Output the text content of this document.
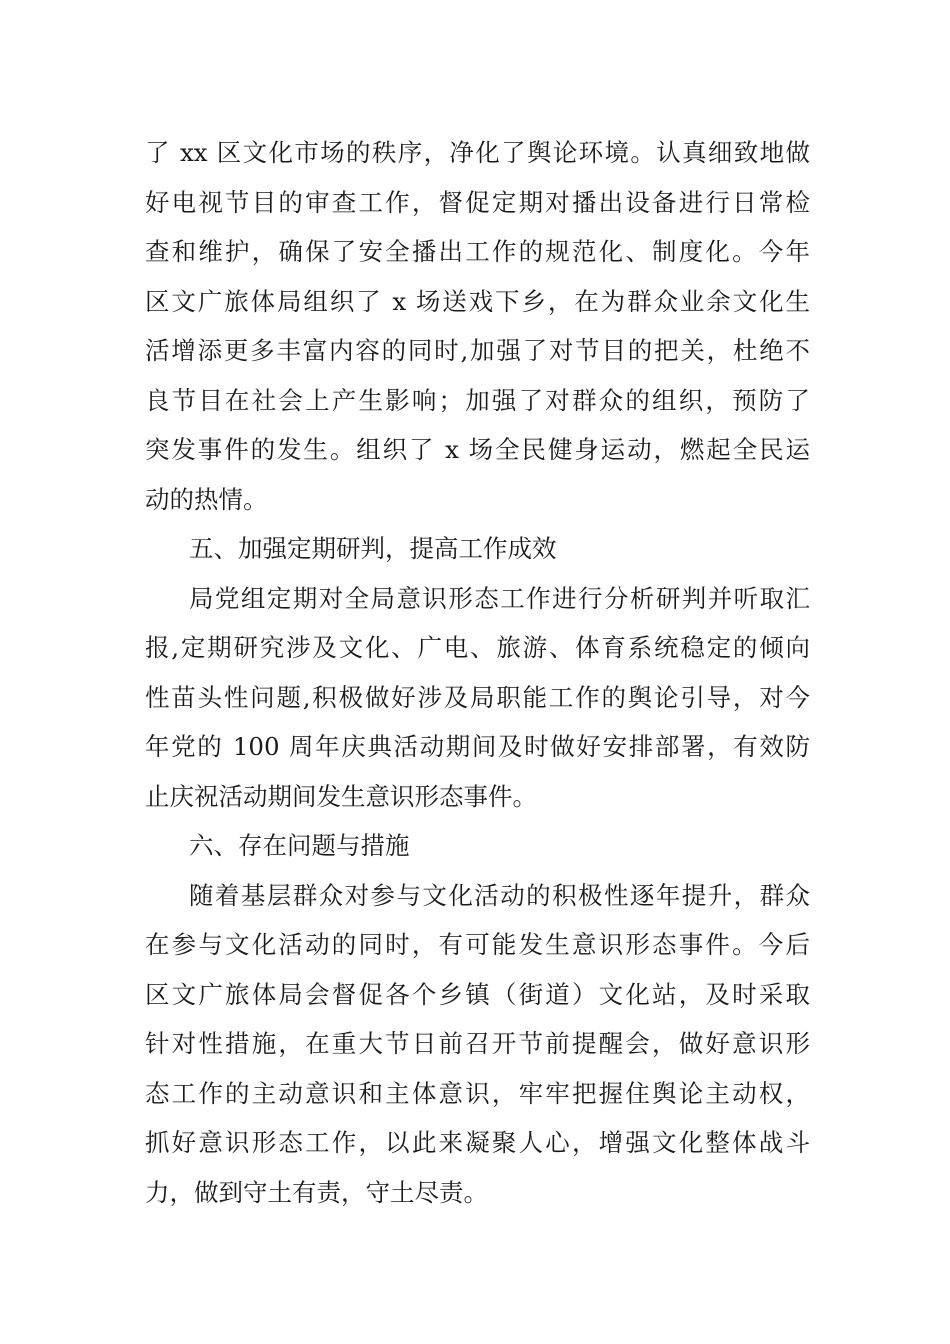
了 xx 区文化市场的秩序，净化了舆论环境。认真细致地做
好电视节目的审查工作，督促定期对播出设备进行日常检
查和维护，确保了安全播出工作的规范化、制度化。今年
区文广旅体局组织了 x 场送戏下乡，在为群众业余文化生
活增添更多丰富内容的同时,加强了对节目的把关，杜绝不
良节目在社会上产生影响；加强了对群众的组织，预防了
突发事件的发生。组织了 x 场全民健身运动，燃起全民运
动的热情。

五、加强定期研判，提高工作成效

局党组定期对全局意识形态工作进行分析研判并听取汇
报,定期研究涉及文化、广电、旅游、体育系统稳定的倾向
性苗头性问题,积极做好涉及局职能工作的舆论引导，对今
年党的 100 周年庆典活动期间及时做好安排部署，有效防
止庆祝活动期间发生意识形态事件。

六、存在问题与措施

随着基层群众对参与文化活动的积极性逐年提升，群众
在参与文化活动的同时，有可能发生意识形态事件。今后
区文广旅体局会督促各个乡镇（街道）文化站，及时采取
针对性措施，在重大节日前召开节前提醒会，做好意识形
态工作的主动意识和主体意识，牢牢把握住舆论主动权，
抓好意识形态工作，以此来凝聚人心，增强文化整体战斗
力，做到守土有责，守土尽责。
